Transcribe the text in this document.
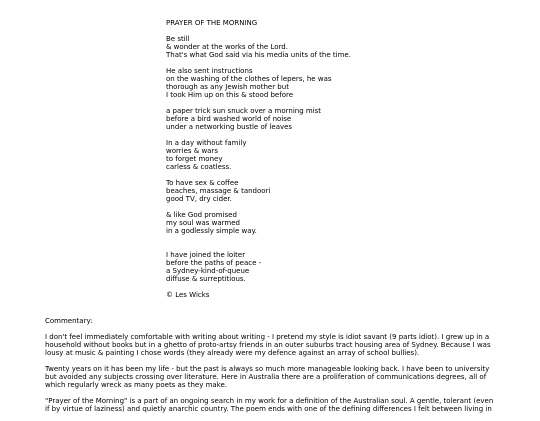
PRAYER OF THE MORNING
Be still
& wonder at the works of the Lord.
That's what God said via his media units of the time.
He also sent instructions
on the washing of the clothes of lepers, he was
thorough as any Jewish mother but
I took Him up on this & stood before
a paper trick sun snuck over a morning mist
before a bird washed world of noise
under a networking bustle of leaves
In a day without family
worries & wars
to forget money
carless & coatless.
To have sex & coffee
beaches, massage & tandoori
good TV, dry cider.
& like God promised
my soul was warmed
in a godlessly simple way.
I have joined the loiter
before the paths of peace -
a Sydney-kind-of-queue
diffuse & surreptitious.
© Les Wicks
Commentary:

I don't feel immediately comfortable with writing about writing - I pretend my style is idiot savant (9 parts idiot). I grew up in a household without books but in a ghetto of proto-artsy friends in an outer suburbs tract housing area of Sydney. Because I was lousy at music & painting I chose words (they already were my defence against an array of school bullies).

Twenty years on it has been my life - but the past is always so much more manageable looking back. I have been to university but avoided any subjects crossing over literature. Here in Australia there are a proliferation of communications degrees, all of which regularly wreck as many poets as they make.

"Prayer of the Morning" is a part of an ongoing search in my work for a definition of the Australian soul. A gentle, tolerant (even if by virtue of laziness) and quietly anarchic country. The poem ends with one of the defining differences I felt between living in
